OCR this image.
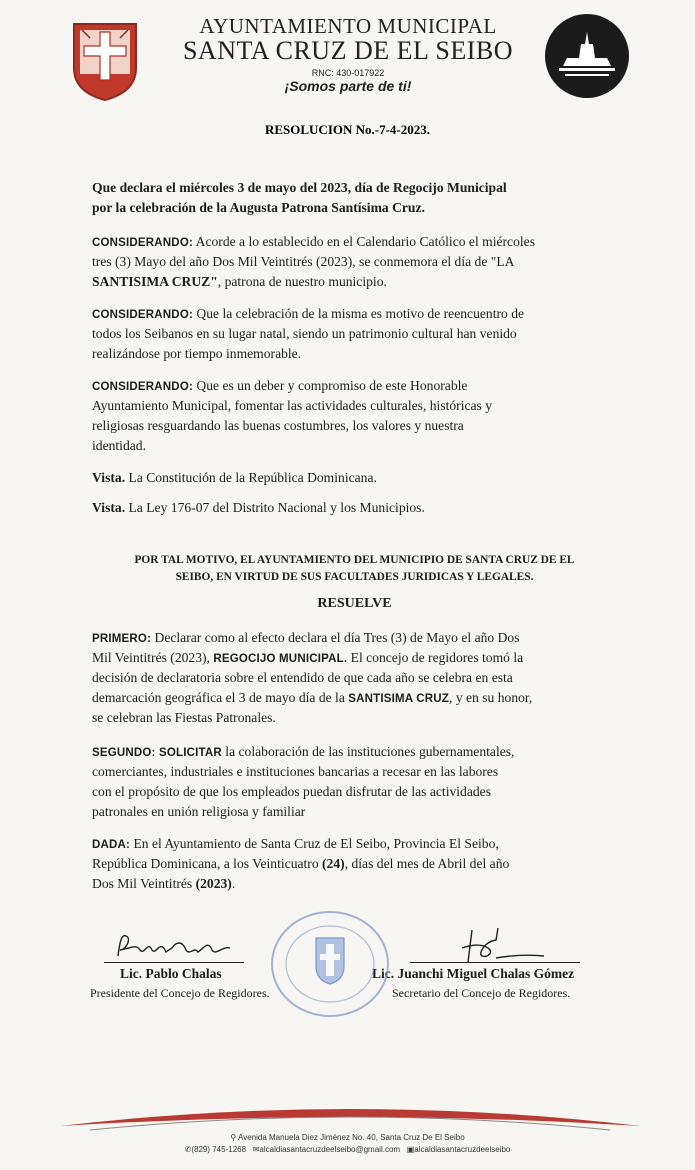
AYUNTAMIENTO MUNICIPAL
SANTA CRUZ DE EL SEIBO
RNC: 430-017922
¡Somos parte de ti!
RESOLUCION No.-7-4-2023.
Que declara el miércoles 3 de mayo del 2023, día de Regocijo Municipal
por la celebración de la Augusta Patrona Santísima Cruz.
CONSIDERANDO: Acorde a lo establecido en el Calendario Católico el miércoles
tres (3) Mayo del año Dos Mil Veintitrés (2023), se conmemora el día de "LA
SANTISIMA CRUZ", patrona de nuestro municipio.
CONSIDERANDO: Que la celebración de la misma es motivo de reencuentro de
todos los Seibanos en su lugar natal, siendo un patrimonio cultural han venido
realizándose por tiempo inmemorable.
CONSIDERANDO: Que es un deber y compromiso de este Honorable
Ayuntamiento Municipal, fomentar las actividades culturales, históricas y
religiosas resguardando las buenas costumbres, los valores y nuestra
identidad.
Vista. La Constitución de la República Dominicana.
Vista. La Ley 176-07 del Distrito Nacional y los Municipios.
POR TAL MOTIVO, EL AYUNTAMIENTO DEL MUNICIPIO DE SANTA CRUZ DE EL
SEIBO, EN VIRTUD DE SUS FACULTADES JURIDICAS Y LEGALES.
RESUELVE
PRIMERO: Declarar como al efecto declara el día Tres (3) de Mayo el año Dos
Mil Veintitrés (2023), REGOCIJO MUNICIPAL. El concejo de regidores tomó la
decisión de declaratoria sobre el entendido de que cada año se celebra en esta
demarcación geográfica el 3 de mayo día de la SANTISIMA CRUZ, y en su honor,
se celebran las Fiestas Patronales.
SEGUNDO: SOLICITAR la colaboración de las instituciones gubernamentales,
comerciantes, industriales e instituciones bancarias a recesar en las labores
con el propósito de que los empleados puedan disfrutar de las actividades
patronales en unión religiosa y familiar
DADA: En el Ayuntamiento de Santa Cruz de El Seibo, Provincia El Seibo,
República Dominicana, a los Veinticuatro (24), días del mes de Abril del año
Dos Mil Veintitrés (2023).
Lic. Pablo Chalas
Presidente del Concejo de Regidores.
Lic. Juanchi Miguel Chalas Gómez
Secretario del Concejo de Regidores.
⚲ Avenida Manuela Diez Jiménez No. 40, Santa Cruz De El Seibo
✆(829) 745-1268 ✉alcaldiasantacruzdeelseibo@gmail.com ▣alcaldiasantacruzdeelseibo
